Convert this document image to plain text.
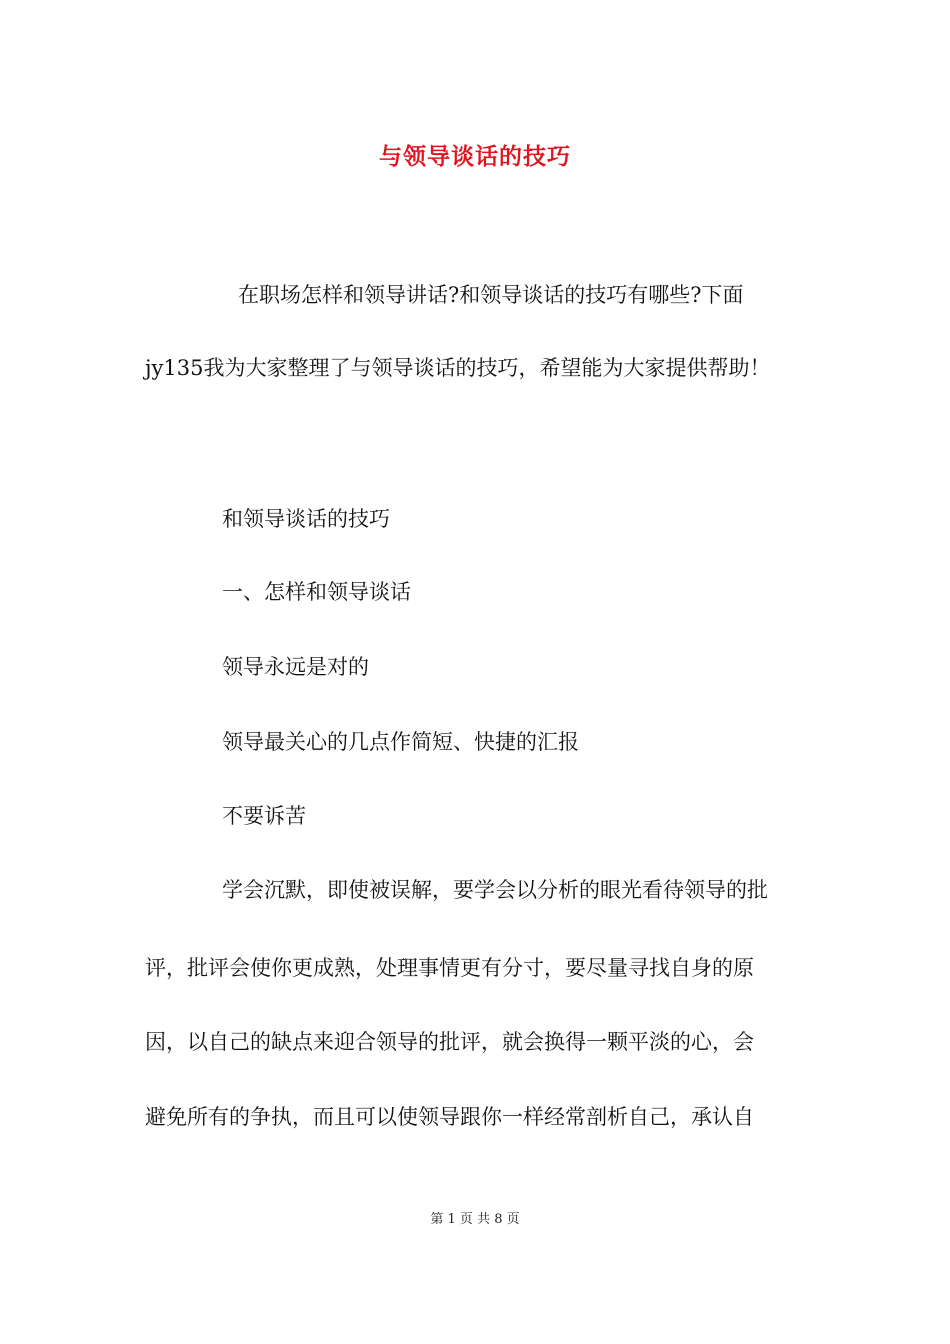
与领导谈话的技巧

在职场怎样和领导讲话?和领导谈话的技巧有哪些?下面

jy135我为大家整理了与领导谈话的技巧，希望能为大家提供帮助！

和领导谈话的技巧

一、怎样和领导谈话

领导永远是对的

领导最关心的几点作简短、快捷的汇报

不要诉苦

学会沉默，即使被误解，要学会以分析的眼光看待领导的批

评，批评会使你更成熟，处理事情更有分寸，要尽量寻找自身的原

因，以自己的缺点来迎合领导的批评，就会换得一颗平淡的心，会

避免所有的争执，而且可以使领导跟你一样经常剖析自己，承认自

第 1 页 共 8 页
